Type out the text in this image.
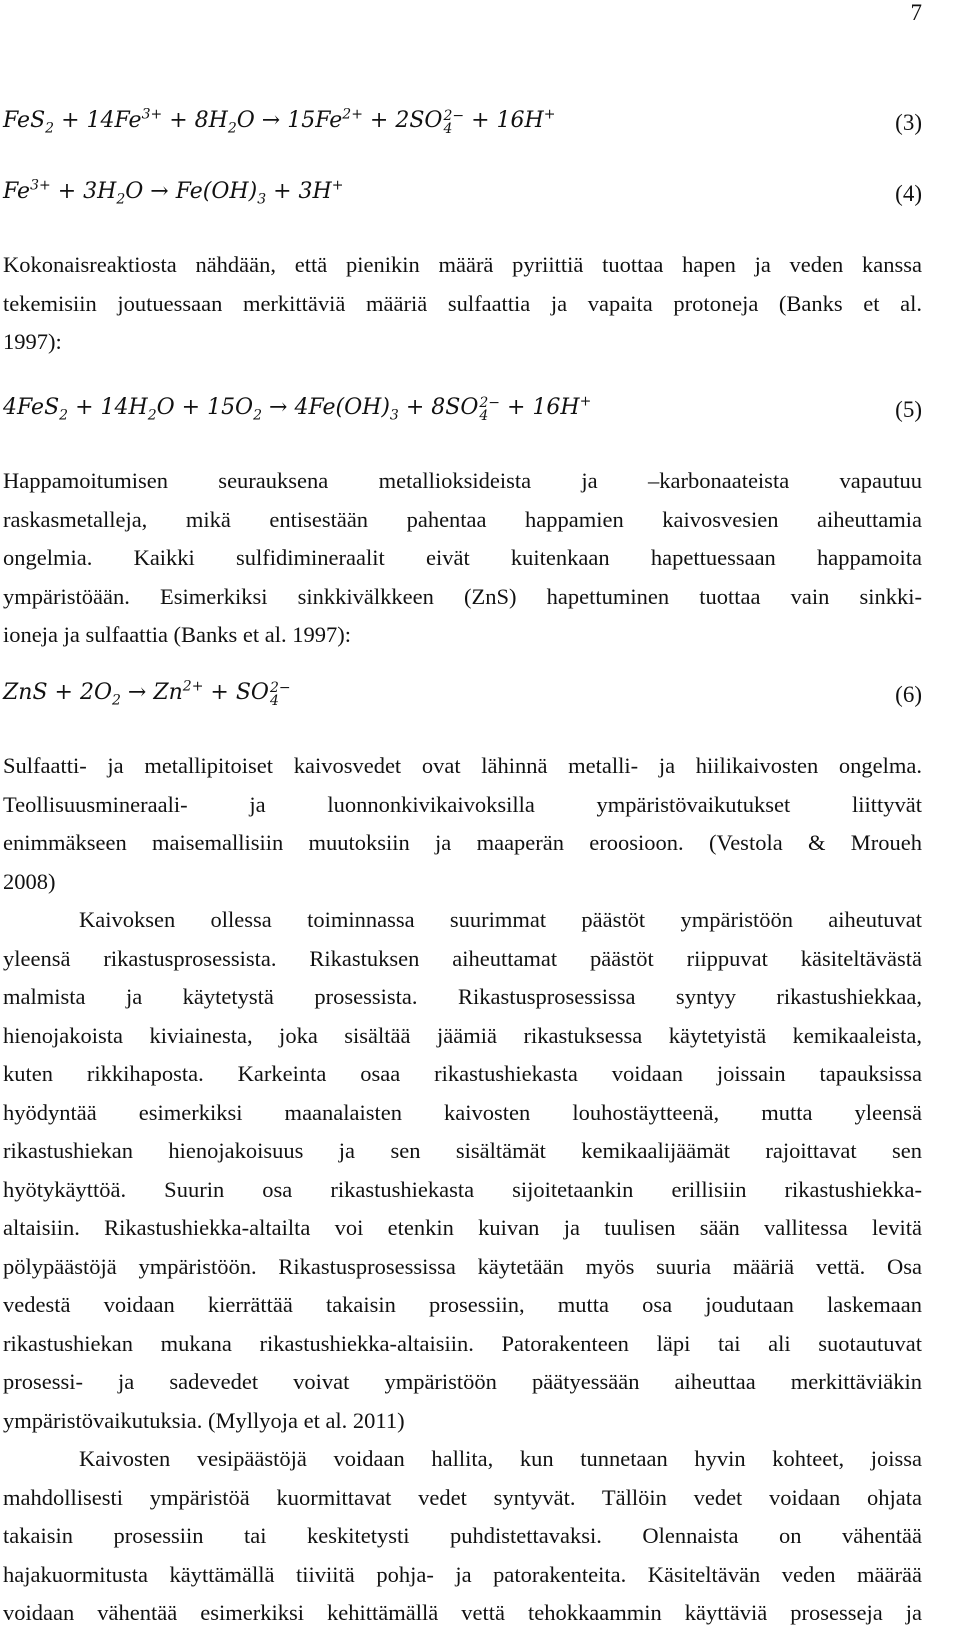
7
$FeS_2 + 14Fe^{3+} + 8H_2O \to 15Fe^{2+} + 2SO$ 2−
4 + 16H+	(3)
$Fe^{3+} + 3H_2O \to Fe(OH)_3 + 3H^+$	(4)
Kokonaisreaktiosta nähdään, että pienikin määrä pyriittiä tuottaa hapen ja veden kanssa
tekemisiin joutuessaan merkittäviä määriä sulfaattia ja vapaita protoneja (Banks et al.
1997):
$4FeS_2 + 14H_2O + 15O_2 \to 4Fe(OH)_3 + 8SO$ 2−
4 + 16H+	(5)
Happamoitumisen seurauksena metallioksideista ja –karbonaateista vapautuu
raskasmetalleja, mikä entisestään pahentaa happamien kaivosvesien aiheuttamia
ongelmia. Kaikki sulfidimineraalit eivät kuitenkaan hapettuessaan happamoita
ympäristöään. Esimerkiksi sinkkivälkkeen (ZnS) hapettuminen tuottaa vain sinkki-
ioneja ja sulfaattia (Banks et al. 1997):
ZnS + $2O_2 \to Zn^{2+}$ + SO 2−
4	(6)
Sulfaatti- ja metallipitoiset kaivosvedet ovat lähinnä metalli- ja hiilikaivosten ongelma.
Teollisuusmineraali- ja luonnonkivikaivoksilla ympäristövaikutukset liittyvät
enimmäkseen maisemallisiin muutoksiin ja maaperän eroosioon. (Vestola & Mroueh
2008)
Kaivoksen ollessa toiminnassa suurimmat päästöt ympäristöön aiheutuvat
yleensä rikastusprosessista. Rikastuksen aiheuttamat päästöt riippuvat käsiteltävästä
malmista ja käytetystä prosessista. Rikastusprosessissa syntyy rikastushiekkaa,
hienojakoista kiviainesta, joka sisältää jäämiä rikastuksessa käytetyistä kemikaaleista,
kuten rikkihaposta. Karkeinta osaa rikastushiekasta voidaan joissain tapauksissa
hyödyntää esimerkiksi maanalaisten kaivosten louhostäytteenä, mutta yleensä
rikastushiekan hienojakoisuus ja sen sisältämät kemikaalijäämät rajoittavat sen
hyötykäyttöä. Suurin osa rikastushiekasta sijoitetaankin erillisiin rikastushiekka-
altaisiin. Rikastushiekka-altailta voi etenkin kuivan ja tuulisen sään vallitessa levitä
pölypäästöjä ympäristöön. Rikastusprosessissa käytetään myös suuria määriä vettä. Osa
vedestä voidaan kierrättää takaisin prosessiin, mutta osa joudutaan laskemaan
rikastushiekan mukana rikastushiekka-altaisiin. Patorakenteen läpi tai ali suotautuvat
prosessi- ja sadevedet voivat ympäristöön päätyessään aiheuttaa merkittäviäkin
ympäristövaikutuksia. (Myllyoja et al. 2011)
Kaivosten vesipäästöjä voidaan hallita, kun tunnetaan hyvin kohteet, joissa
mahdollisesti ympäristöä kuormittavat vedet syntyvät. Tällöin vedet voidaan ohjata
takaisin prosessiin tai keskitetysti puhdistettavaksi. Olennaista on vähentää
hajakuormitusta käyttämällä tiiviitä pohja- ja patorakenteita. Käsiteltävän veden määrää
voidaan vähentää esimerkiksi kehittämällä vettä tehokkaammin käyttäviä prosesseja ja
